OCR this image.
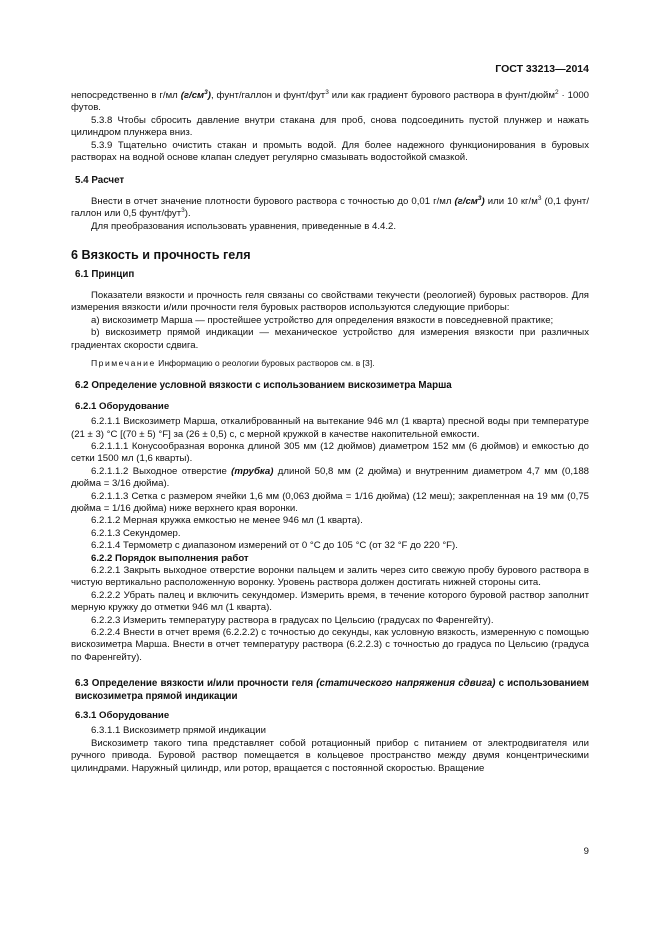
ГОСТ 33213—2014

непосредственно в г/мл $(г/см^3)$, фунт/галлон и фунт/фут$^3$ или как градиент бурового раствора в фунт/дюйм$^2$ · 1000 футов.

5.3.8 Чтобы сбросить давление внутри стакана для проб, снова подсоединить пустой плунжер и нажать цилиндром плунжера вниз.

5.3.9 Тщательно очистить стакан и промыть водой. Для более надежного функционирования в буровых растворах на водной основе клапан следует регулярно смазывать водостойкой смазкой.

5.4 Расчет

Внести в отчет значение плотности бурового раствора с точностью до 0,01 г/мл $(г/см^3)$ или 10 $кг/м^3$ (0,1 фунт/галлон или 0,5 фунт/фут$^3$).

Для преобразования использовать уравнения, приведенные в 4.4.2.

6 Вязкость и прочность геля

6.1 Принцип

Показатели вязкости и прочность геля связаны со свойствами текучести (реологией) буровых растворов. Для измерения вязкости и/или прочности геля буровых растворов используются следующие приборы:

a) вискозиметр Марша — простейшее устройство для определения вязкости в повседневной практике;

b) вискозиметр прямой индикации — механическое устройство для измерения вязкости при различных градиентах скорости сдвига.

Примечание Информацию о реологии буровых растворов см. в [3].

6.2 Определение условной вязкости с использованием вискозиметра Марша

6.2.1 Оборудование

6.2.1.1 Вискозиметр Марша, откалиброванный на вытекание 946 мл (1 кварта) пресной воды при температуре (21 ± 3) °С [(70 ± 5) °F] за (26 ± 0,5) с, с мерной кружкой в качестве накопительной емкости.

6.2.1.1.1 Конусообразная воронка длиной 305 мм (12 дюймов) диаметром 152 мм (6 дюймов) и емкостью до сетки 1500 мл (1,6 кварты).

6.2.1.1.2 Выходное отверстие (трубка) длиной 50,8 мм (2 дюйма) и внутренним диаметром 4,7 мм (0,188 дюйма = 3/16 дюйма).

6.2.1.1.3 Сетка с размером ячейки 1,6 мм (0,063 дюйма = 1/16 дюйма) (12 меш); закрепленная на 19 мм (0,75 дюйма = 1/16 дюйма) ниже верхнего края воронки.

6.2.1.2 Мерная кружка емкостью не менее 946 мл (1 кварта).

6.2.1.3 Секундомер.

6.2.1.4 Термометр с диапазоном измерений от 0 °С до 105 °С (от 32 °F до 220 °F).

6.2.2 Порядок выполнения работ

6.2.2.1 Закрыть выходное отверстие воронки пальцем и залить через сито свежую пробу бурового раствора в чистую вертикально расположенную воронку. Уровень раствора должен достигать нижней стороны сита.

6.2.2.2 Убрать палец и включить секундомер. Измерить время, в течение которого буровой раствор заполнит мерную кружку до отметки 946 мл (1 кварта).

6.2.2.3 Измерить температуру раствора в градусах по Цельсию (градусах по Фаренгейту).

6.2.2.4 Внести в отчет время (6.2.2.2) с точностью до секунды, как условную вязкость, измеренную с помощью вискозиметра Марша. Внести в отчет температуру раствора (6.2.2.3) с точностью до градуса по Цельсию (градуса по Фаренгейту).

6.3 Определение вязкости и/или прочности геля (статического напряжения сдвига) с использованием вискозиметра прямой индикации

6.3.1 Оборудование

6.3.1.1 Вискозиметр прямой индикации

Вискозиметр такого типа представляет собой ротационный прибор с питанием от электродвигателя или ручного привода. Буровой раствор помещается в кольцевое пространство между двумя концентрическими цилиндрами. Наружный цилиндр, или ротор, вращается с постоянной скоростью. Вращение

9
